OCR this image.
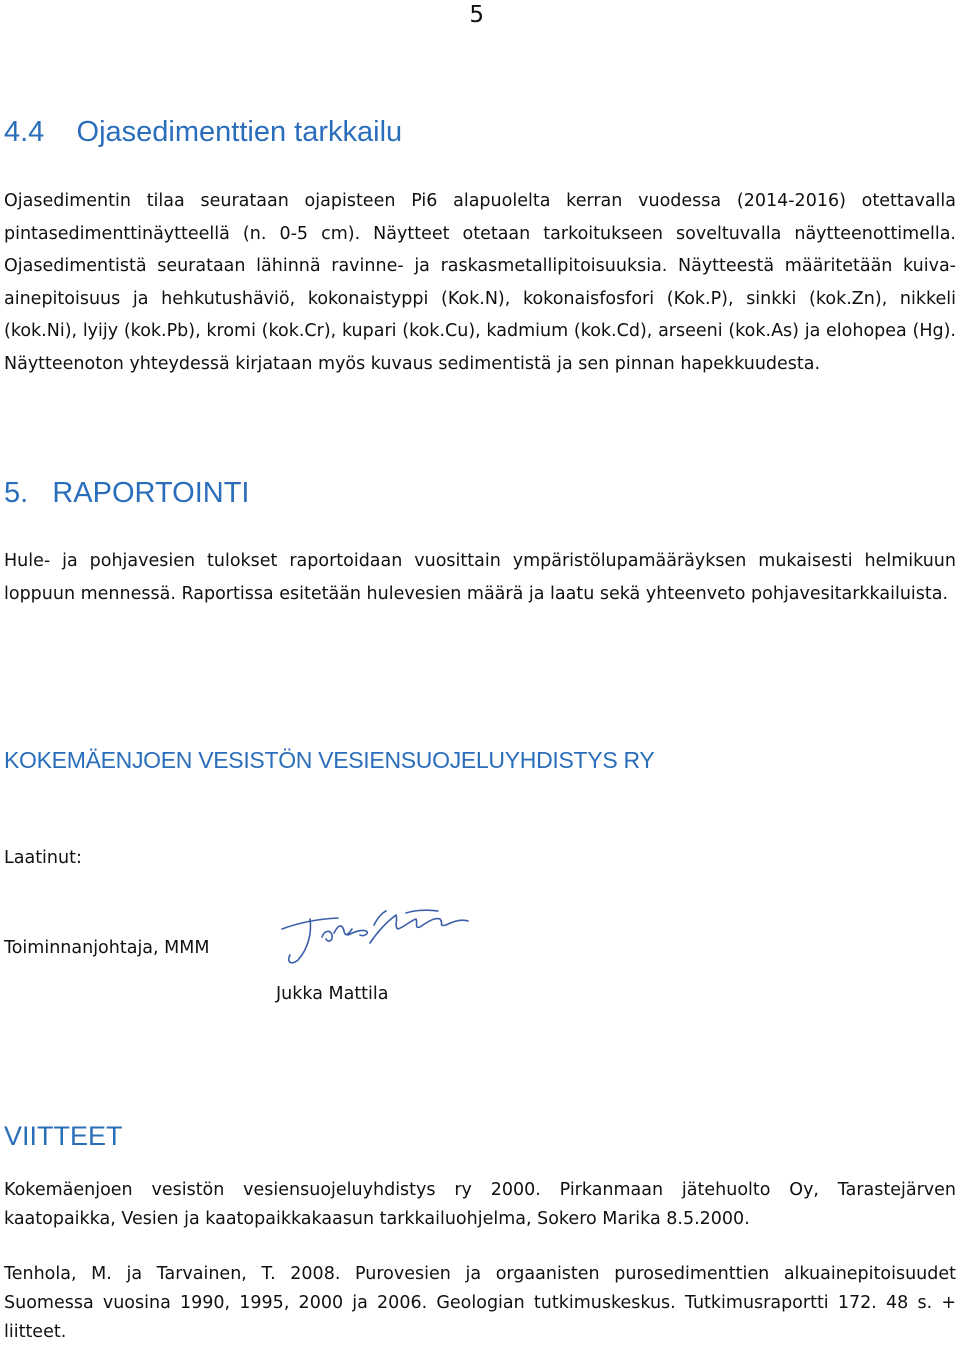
5
4.4    Ojasedimenttien tarkkailu

Ojasedimentin tilaa seurataan ojapisteen Pi6 alapuolelta kerran vuodessa (2014-2016) otettavalla pintasedimenttinäytteellä (n. 0-5 cm). Näytteet otetaan tarkoitukseen soveltuvalla näytteenottimella. Ojasedimentistä seurataan lähinnä ravinne- ja raskasmetallipitoisuuksia. Näytteestä määritetään kuiva-ainepitoisuus ja hehkutushäviö, kokonaistyppi (Kok.N), kokonaisfosfori (Kok.P), sinkki (kok.Zn), nikkeli (kok.Ni), lyijy (kok.Pb), kromi (kok.Cr), kupari (kok.Cu), kadmium (kok.Cd), arseeni (kok.As) ja elohopea (Hg). Näytteenoton yhteydessä kirjataan myös kuvaus sedimentistä ja sen pinnan hapekkuudesta.

5.   RAPORTOINTI

Hule- ja pohjavesien tulokset raportoidaan vuosittain ympäristölupamääräyksen mukaisesti helmikuun loppuun mennessä. Raportissa esitetään hulevesien määrä ja laatu sekä yhteenveto pohjavesitarkkailuista.

KOKEMÄENJOEN VESISTÖN VESIENSUOJELUYHDISTYS RY

Laatinut:

Toiminnanjohtaja, MMM

Jukka Mattila

VIITTEET

Kokemäenjoen vesistön vesiensuojeluyhdistys ry 2000. Pirkanmaan jätehuolto Oy, Tarastejärven kaatopaikka, Vesien ja kaatopaikkakaasun tarkkailuohjelma, Sokero Marika 8.5.2000.

Tenhola, M. ja Tarvainen, T. 2008. Purovesien ja orgaanisten purosedimenttien alkuainepitoisuudet Suomessa vuosina 1990, 1995, 2000 ja 2006. Geologian tutkimuskeskus. Tutkimusraportti 172. 48 s. + liitteet.
